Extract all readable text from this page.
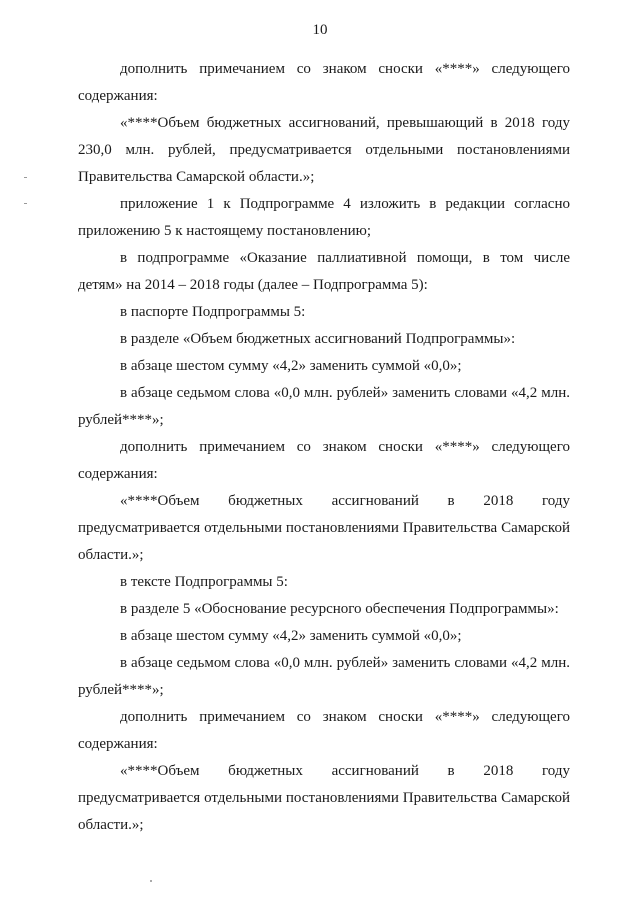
10

дополнить примечанием со знаком сноски «****» следующего содержания:

«****Объем бюджетных ассигнований, превышающий в 2018 году 230,0 млн. рублей, предусматривается отдельными постановлениями Правительства Самарской области.»;

приложение 1 к Подпрограмме 4 изложить в редакции согласно приложению 5 к настоящему постановлению;

в подпрограмме «Оказание паллиативной помощи, в том числе детям» на 2014 – 2018 годы (далее – Подпрограмма 5):

в паспорте Подпрограммы 5:

в разделе «Объем бюджетных ассигнований Подпрограммы»:

в абзаце шестом сумму «4,2» заменить суммой «0,0»;

в абзаце седьмом слова «0,0 млн. рублей» заменить словами «4,2 млн. рублей****»;

дополнить примечанием со знаком сноски «****» следующего содержания:

«****Объем бюджетных ассигнований в 2018 году предусматривается отдельными постановлениями Правительства Самарской области.»;

в тексте Подпрограммы 5:

в разделе 5 «Обоснование ресурсного обеспечения Подпрограммы»:

в абзаце шестом сумму «4,2» заменить суммой «0,0»;

в абзаце седьмом слова «0,0 млн. рублей» заменить словами «4,2 млн. рублей****»;

дополнить примечанием со знаком сноски «****» следующего содержания:

«****Объем бюджетных ассигнований в 2018 году предусматривается отдельными постановлениями Правительства Самарской области.»;
